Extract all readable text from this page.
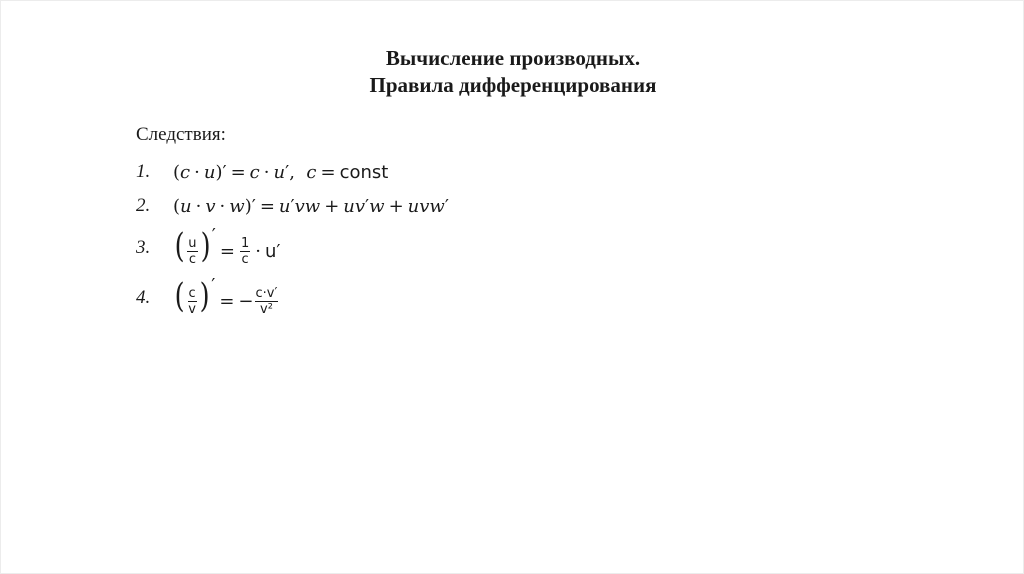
Вычисление производных.
Правила дифференцирования
Следствия:
1.	(c · u)′ = c · u′, c = const
2.	(u · v · w)′ = u′vw + uv′w + uvw′
3. ( $\frac{u}{c}$ )′= $\frac{1}{c} \cdot u'$
4. ( $\frac{c}{v}$ )′= − $\frac{c\cdot v'}{\text{v²}}$
